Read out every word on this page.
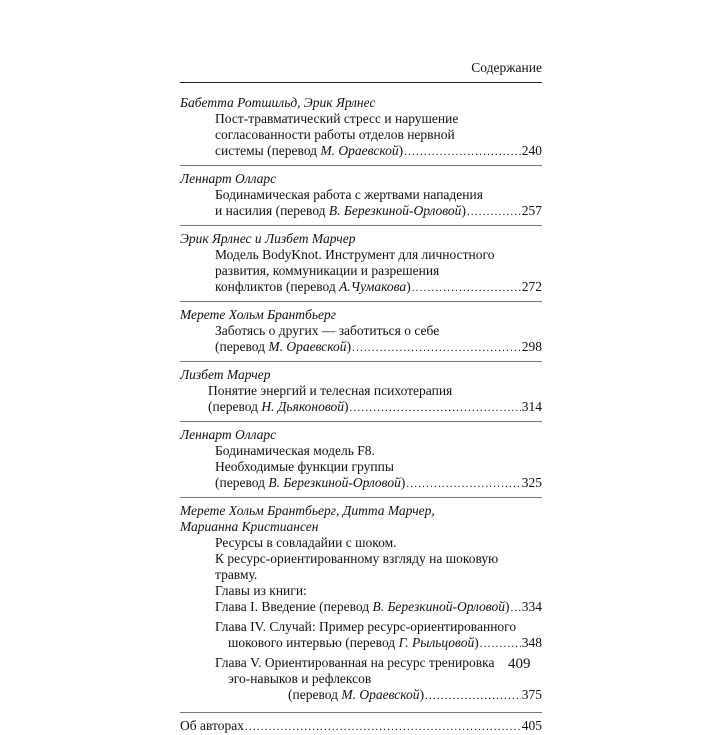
Содержание
Бабетта Ротшильд, Эрик Ярлнес
Пост-травматический стресс и нарушение
согласованности работы отделов нервной
системы (перевод М. Ораевской) .....	240
Леннарт Олларс
Бодинамическая работа с жертвами нападения
и насилия (перевод В. Березкиной-Орловой) .....	257
Эрик Ярлнес и Лизбет Марчер
Модель BodyKnot. Инструмент для личностного
развития, коммуникации и разрешения
конфликтов (перевод А.Чумакова) .....	272
Мерете Хольм Брантбьерг
Заботясь о других — заботиться о себе
(перевод М. Ораевской) .....	298
Лизбет Марчер
Понятие энергий и телесная психотерапия
(перевод Н. Дьяконовой) .....	314
Леннарт Олларс
Бодинамическая модель F8.
Необходимые функции группы
(перевод В. Березкиной-Орловой) .....	325
Мерете Хольм Брантбьерг, Дитта Марчер,
Марианна Кристиансен
Ресурсы в совладайии с шоком.
К ресурс-ориентированному взгляду на шоковую травму.
Главы из книги:
Глава I. Введение (перевод В. Березкиной-Орловой) ..... 334
Глава IV. Случай: Пример ресурс-ориентированного
шокового интервью (перевод Г. Рыльцовой) .....	348
Глава V. Ориентированная на ресурс тренировка
эго-навыков и рефлексов
(перевод М. Ораевской) .....	375
Об авторах .....	405
409
